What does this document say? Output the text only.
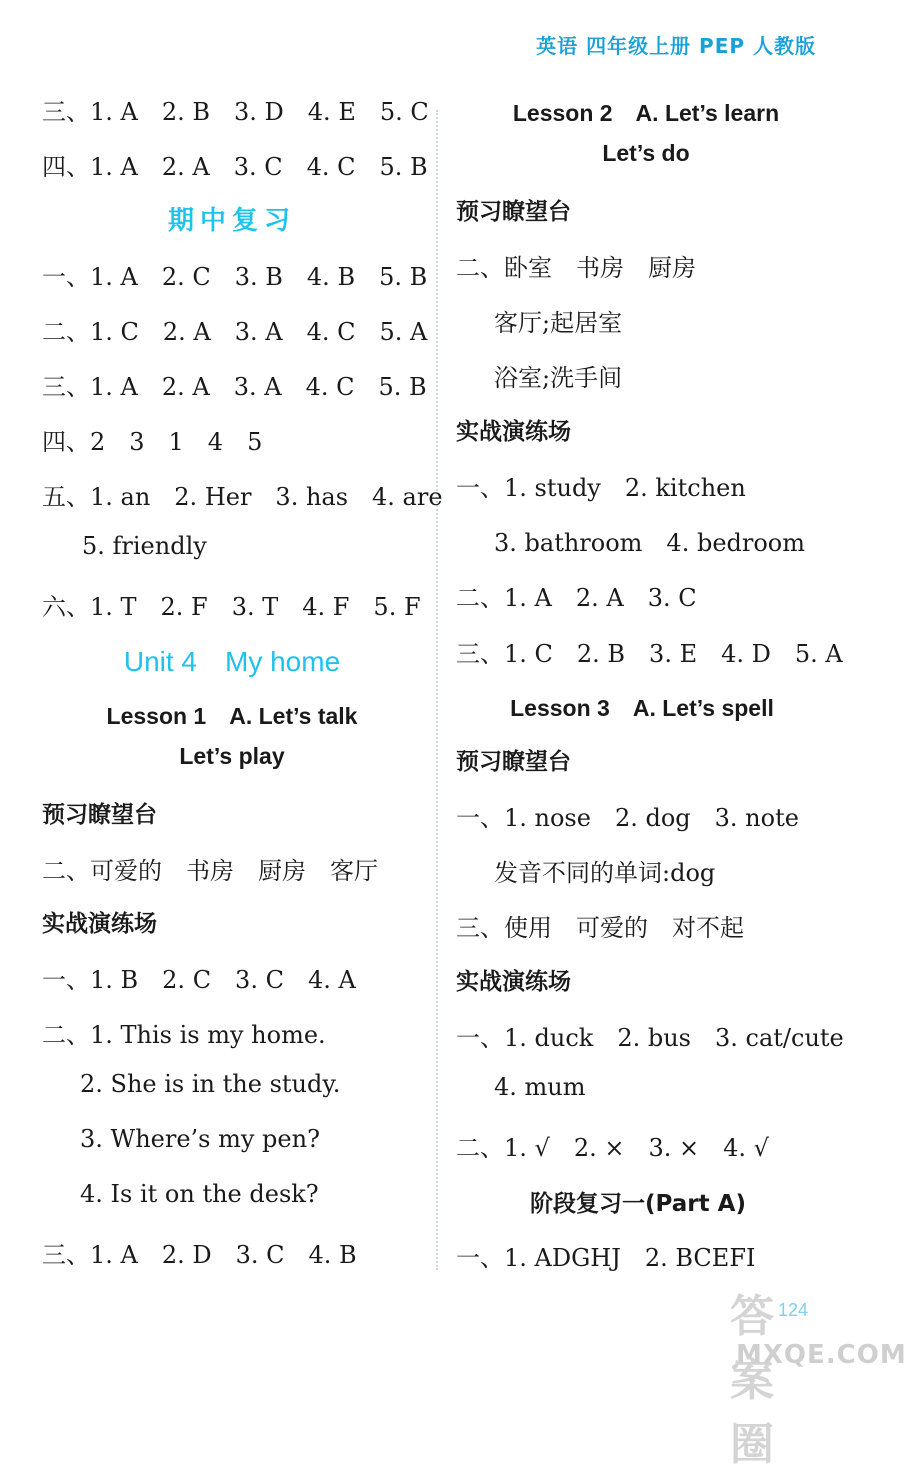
英语 四年级上册 PEP 人教版
三、1. A　2. B　3. D　4. E　5. C
四、1. A　2. A　3. C　4. C　5. B
期中复习
一、1. A　2. C　3. B　4. B　5. B
二、1. C　2. A　3. A　4. C　5. A
三、1. A　2. A　3. A　4. C　5. B
四、2　3　1　4　5
五、1. an　2. Her　3. has　4. are
5. friendly
六、1. T　2. F　3. T　4. F　5. F
Unit 4　My home
Lesson 1　A. Let’s talk
Let’s play
预习瞭望台
二、可爱的　书房　厨房　客厅
实战演练场
一、1. B　2. C　3. C　4. A
二、1. This is my home.
2. She is in the study.
3. Where’s my pen?
4. Is it on the desk?
三、1. A　2. D　3. C　4. B
Lesson 2　A. Let’s learn
Let’s do
预习瞭望台
二、卧室　书房　厨房
客厅;起居室
浴室;洗手间
实战演练场
一、1. study　2. kitchen
3. bathroom　4. bedroom
二、1. A　2. A　3. C
三、1. C　2. B　3. E　4. D　5. A
Lesson 3　A. Let’s spell
预习瞭望台
一、1. nose　2. dog　3. note
发音不同的单词:dog
三、使用　可爱的　对不起
实战演练场
一、1. duck　2. bus　3. cat/cute
4. mum
二、1. √　2. ×　3. ×　4. √
阶段复习一(Part A)
一、1. ADGHJ　2. BCEFI
124
答案圈
MXQE.COM
